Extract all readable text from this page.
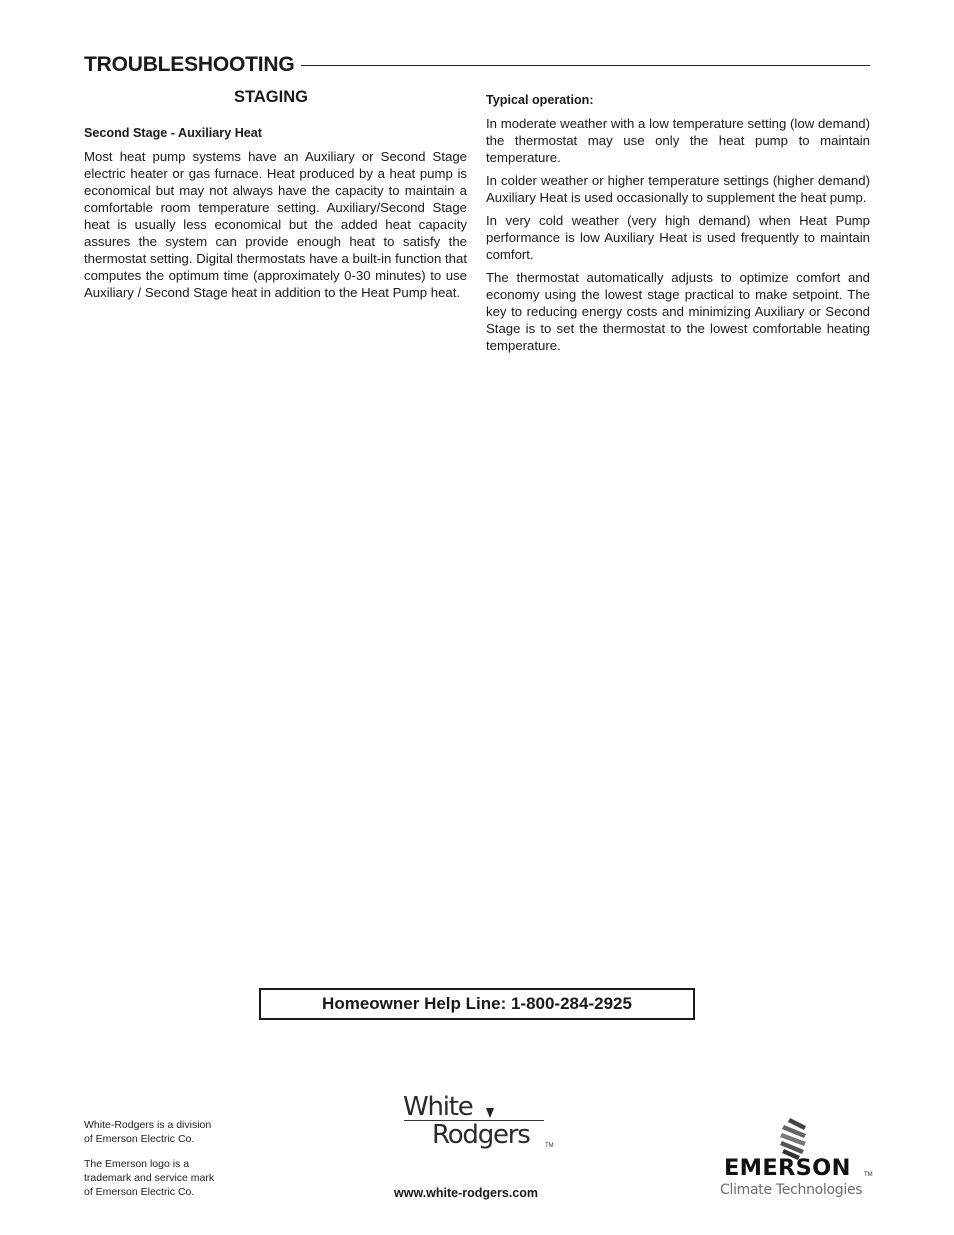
TROUBLESHOOTING
STAGING
Second Stage - Auxiliary Heat

Most heat pump systems have an Auxiliary or Second Stage electric heater or gas furnace. Heat produced by a heat pump is economical but may not always have the capacity to maintain a comfortable room temperature setting. Auxiliary/Second Stage heat is usually less economical but the added heat capacity assures the system can provide enough heat to satisfy the thermostat setting. Digital thermostats have a built-in function that computes the optimum time (approximately 0-30 minutes) to use Auxiliary / Second Stage heat in addition to the Heat Pump heat.

Typical operation:

In moderate weather with a low temperature setting (low demand) the thermostat may use only the heat pump to maintain temperature.

In colder weather or higher temperature settings (higher demand) Auxiliary Heat is used occasionally to supplement the heat pump.

In very cold weather (very high demand) when Heat Pump performance is low Auxiliary Heat is used frequently to maintain comfort.

The thermostat automatically adjusts to optimize comfort and economy using the lowest stage practical to make setpoint. The key to reducing energy costs and minimizing Auxiliary or Second Stage is to set the thermostat to the lowest comfortable heating temperature.

Homeowner Help Line: 1-800-284-2925
White-Rodgers is a division
of Emerson Electric Co.
The Emerson logo is a
trademark and service mark
of Emerson Electric Co.
White
Rodgers	TM
www.white-rodgers.com
EMERSON TM
Climate Technologies
